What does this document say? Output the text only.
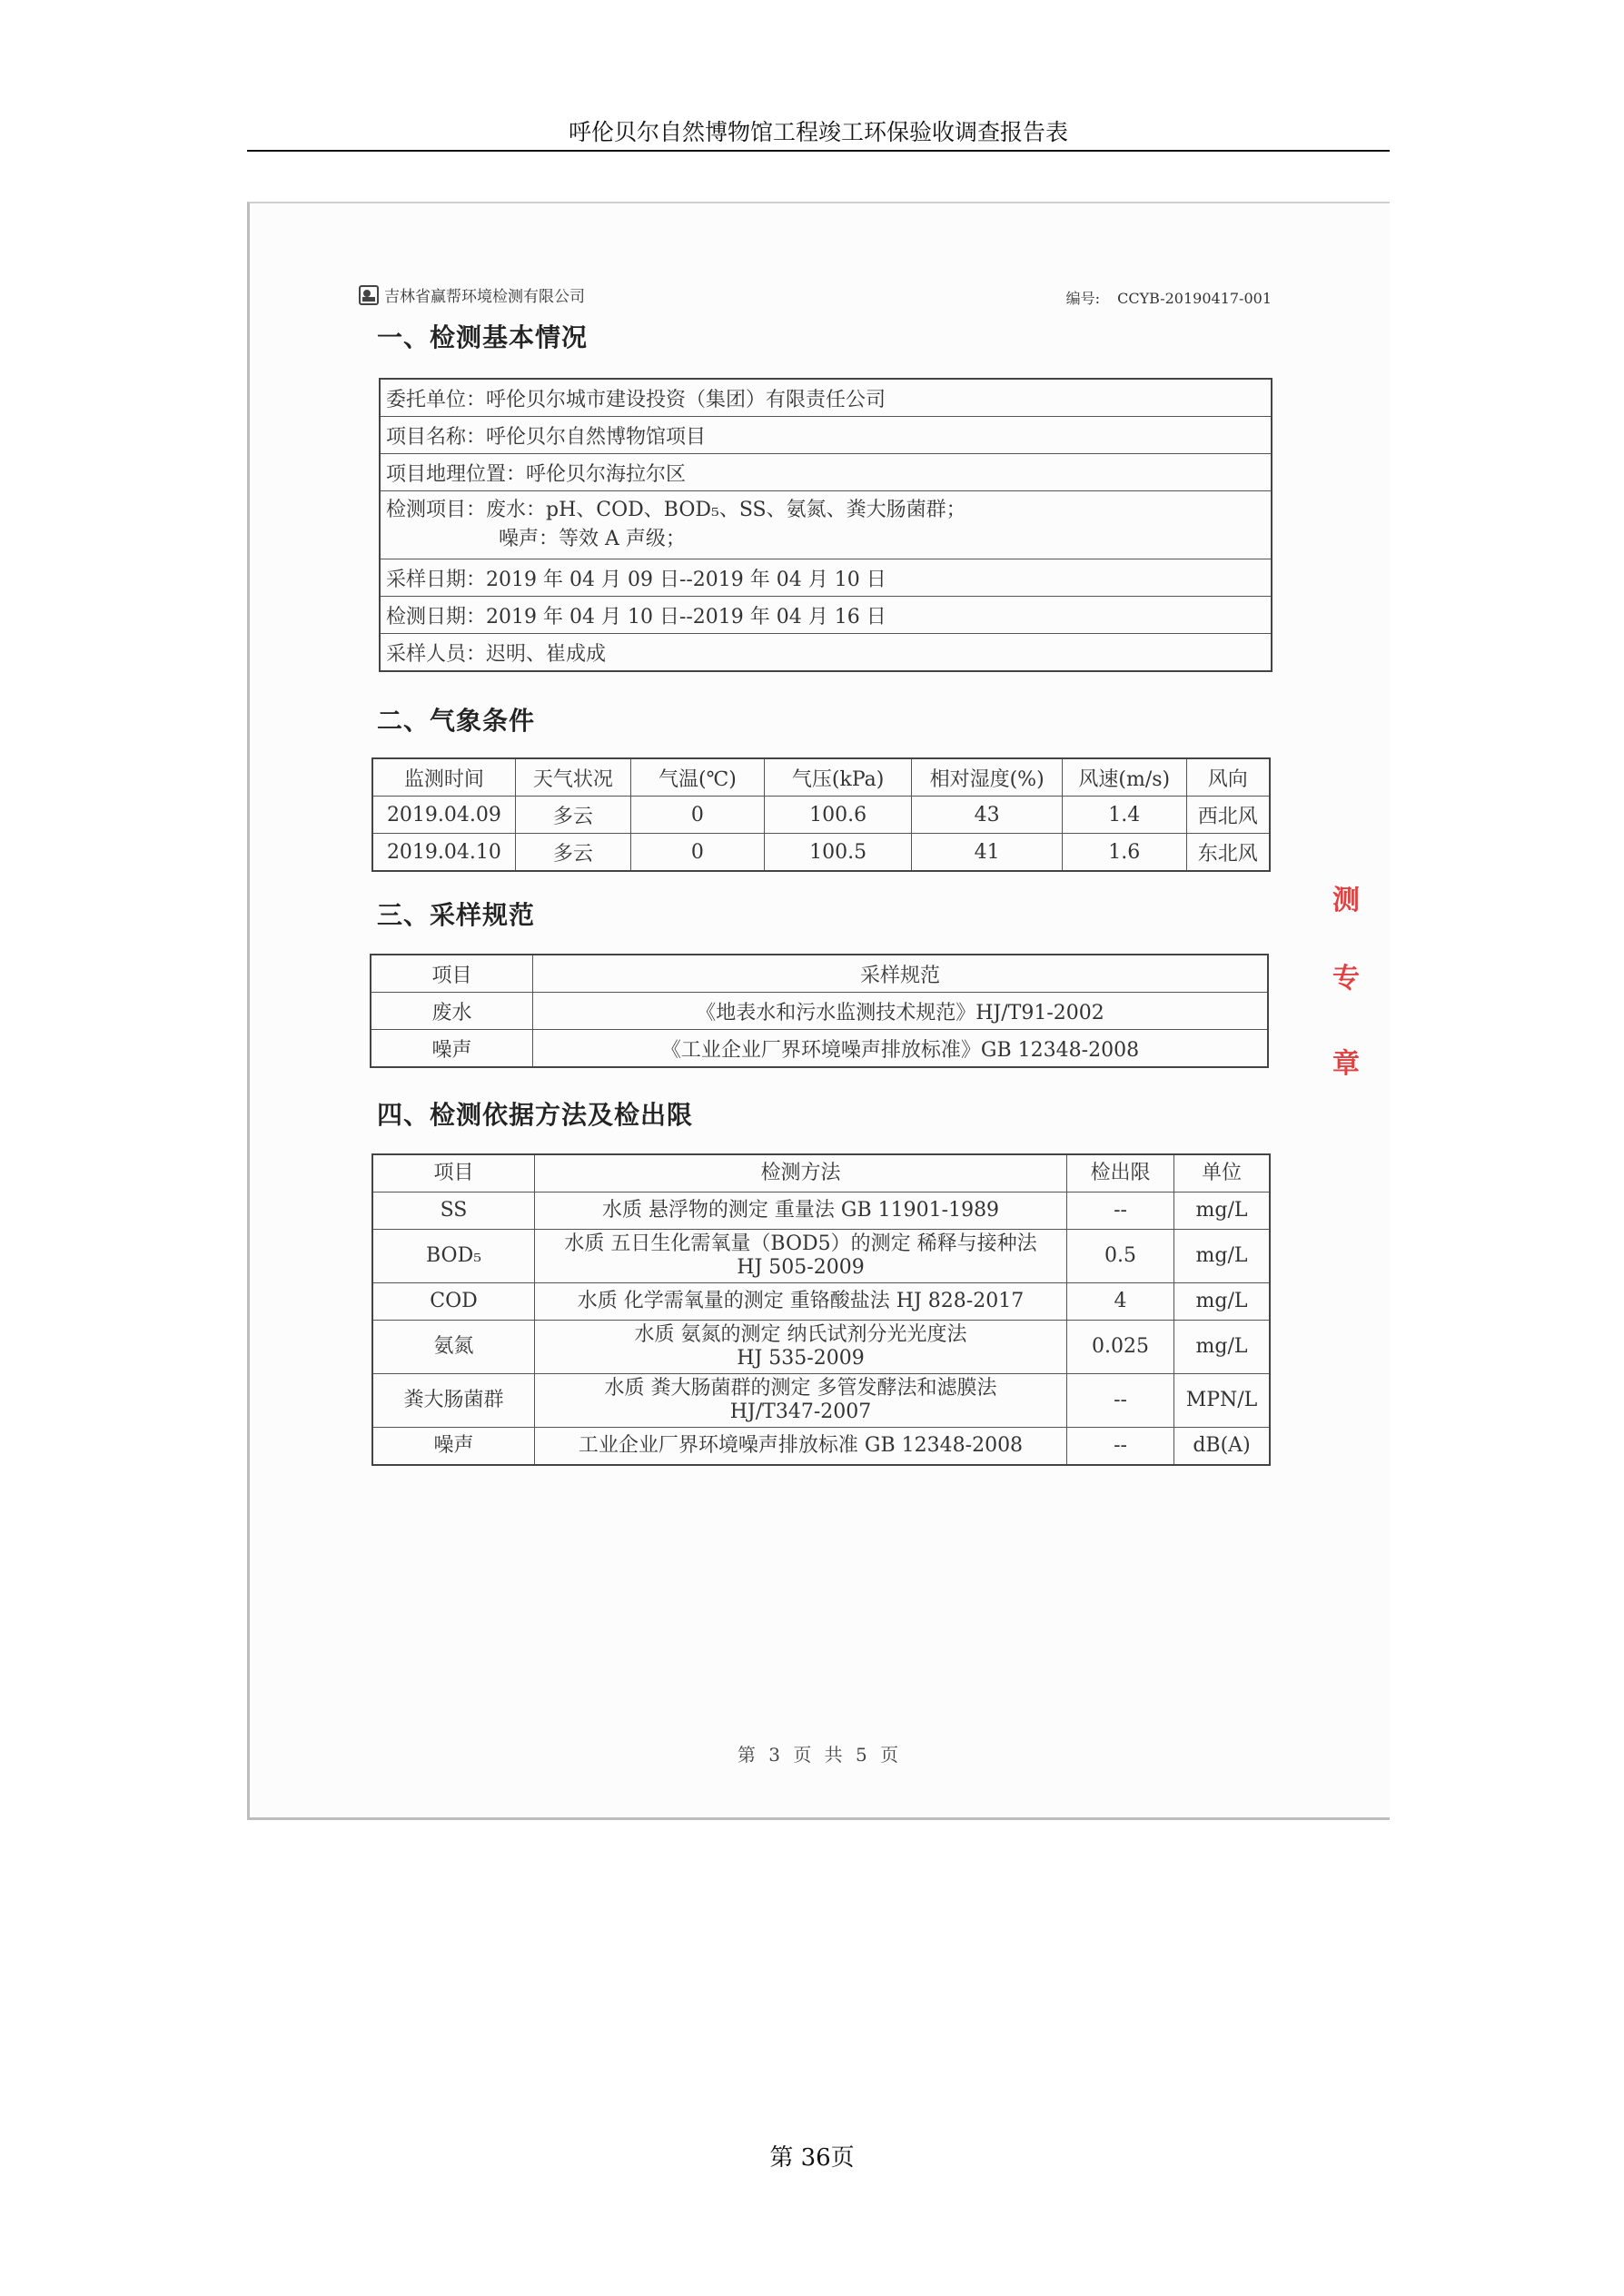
呼伦贝尔自然博物馆工程竣工环保验收调查报告表
吉林省赢帮环境检测有限公司	编号: CCYB-20190417-001
一、检测基本情况
委托单位：呼伦贝尔城市建设投资（集团）有限责任公司
项目名称：呼伦贝尔自然博物馆项目
项目地理位置：呼伦贝尔海拉尔区
检测项目：废水：pH、COD、BOD₅、SS、氨氮、粪大肠菌群；
噪声：等效 A 声级；

采样日期：2019 年 04 月 09 日--2019 年 04 月 10 日
检测日期：2019 年 04 月 10 日--2019 年 04 月 16 日
采样人员：迟明、崔成成
二、气象条件
监测时间	天气状况	气温(℃)	气压(kPa)	相对湿度(%)	风速(m/s)	风向
2019.04.09	多云	0	100.6	43	1.4	西北风
2019.04.10	多云	0	100.5	41	1.6	东北风
三、采样规范
项目	采样规范
废水	《地表水和污水监测技术规范》HJ/T91-2002
噪声	《工业企业厂界环境噪声排放标准》GB 12348-2008
四、检测依据方法及检出限
项目	检测方法	检出限	单位
SS	水质 悬浮物的测定 重量法 GB 11901-1989	--	mg/L
BOD₅	水质 五日生化需氧量（BOD5）的测定 稀释与接种法
HJ 505-2009	0.5	mg/L
COD	水质 化学需氧量的测定 重铬酸盐法 HJ 828-2017	4	mg/L
氨氮	水质 氨氮的测定 纳氏试剂分光光度法
HJ 535-2009	0.025	mg/L
粪大肠菌群	水质 粪大肠菌群的测定 多管发酵法和滤膜法
HJ/T347-2007	--	MPN/L
噪声	工业企业厂界环境噪声排放标准 GB 12348-2008	--	dB(A)
测
专
章
第 3 页 共 5 页
第 36页
